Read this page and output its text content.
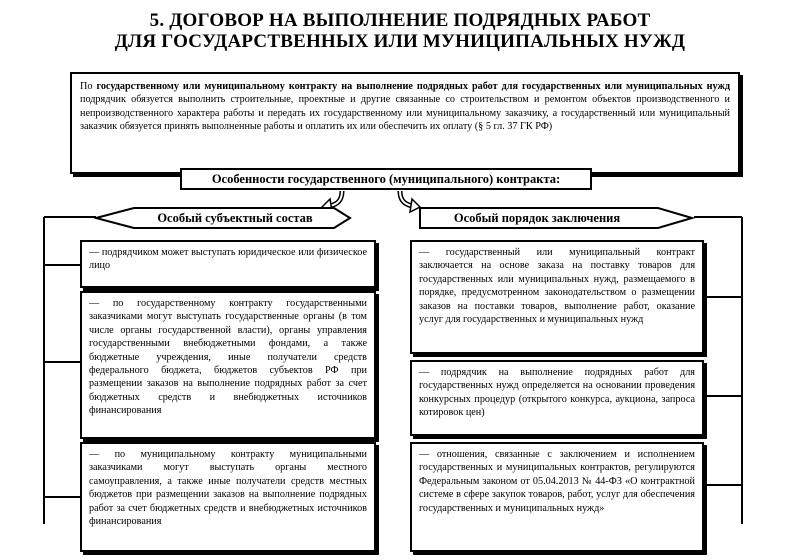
5. ДОГОВОР НА ВЫПОЛНЕНИЕ ПОДРЯДНЫХ РАБОТ
ДЛЯ ГОСУДАРСТВЕННЫХ ИЛИ МУНИЦИПАЛЬНЫХ НУЖД
По государственному или муниципальному контракту на выполнение подрядных работ для государственных или муниципальных нужд подрядчик обязуется выполнить строительные, проектные и другие связанные со строительством и ремонтом объектов производственного и непроизводственного характера работы и передать их государственному или муниципальному заказчику, а государственный или муниципальный заказчик обязуется принять выполненные работы и оплатить их или обеспечить их оплату (§ 5 гл. 37 ГК РФ)
Особенности государственного (муниципального) контракта:
Особый субъектный состав	Особый порядок заключения
— подрядчиком может выступать юридическое или физическое лицо
— по государственному контракту государственными заказчиками могут выступать государственные органы (в том числе органы государственной власти), органы управления государственными внебюджетными фондами, а также бюджетные учреждения, иные получатели средств федерального бюджета, бюджетов субъектов РФ при размещении заказов на выполнение подрядных работ за счет бюджетных средств и внебюджетных источников финансирования
— по муниципальному контракту муниципальными заказчиками могут выступать органы местного самоуправления, а также иные получатели средств местных бюджетов при размещении заказов на выполнение подрядных работ за счет бюджетных средств и внебюджетных источников финансирования
— государственный или муниципальный контракт заключается на основе заказа на поставку товаров для государственных или муниципальных нужд, размещаемого в порядке, предусмотренном законодательством о размещении заказов на поставки товаров, выполнение работ, оказание услуг для государственных и муниципальных нужд
— подрядчик на выполнение подрядных работ для государственных нужд определяется на основании проведения конкурсных процедур (открытого конкурса, аукциона, запроса котировок цен)
— отношения, связанные с заключением и исполнением государственных и муниципальных контрактов, регулируются Федеральным законом от 05.04.2013 № 44-ФЗ «О контрактной системе в сфере закупок товаров, работ, услуг для обеспечения государственных и муниципальных нужд»
